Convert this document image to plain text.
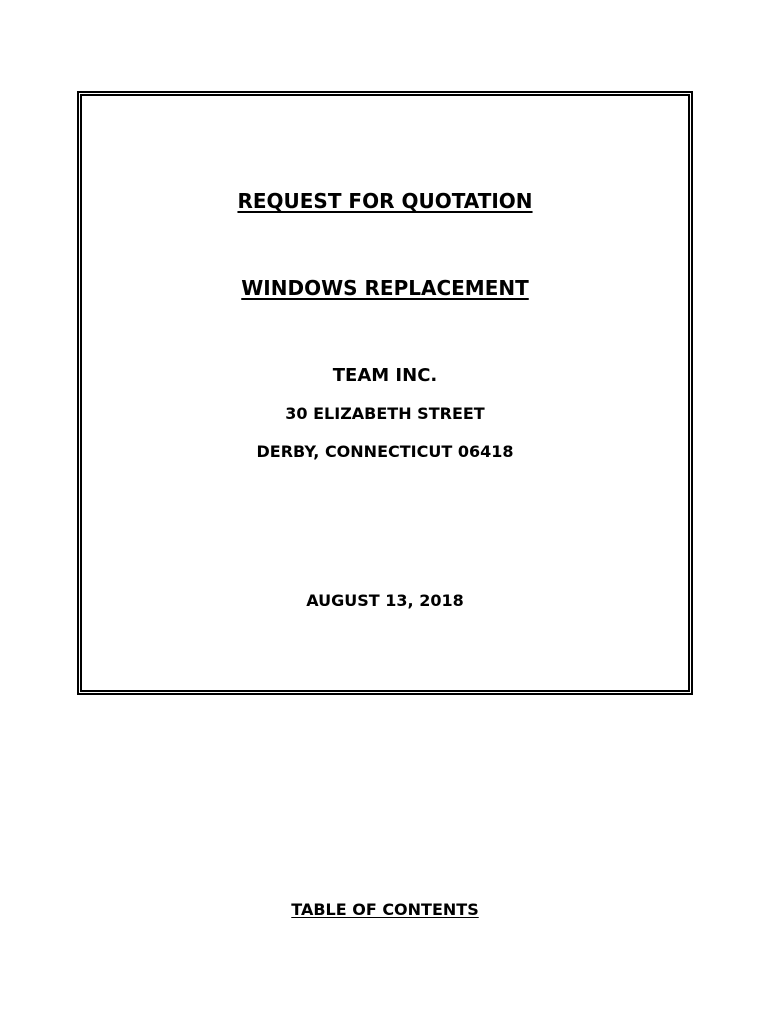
REQUEST FOR QUOTATION
WINDOWS REPLACEMENT
TEAM INC.
30 ELIZABETH STREET
DERBY, CONNECTICUT 06418
AUGUST 13, 2018
TABLE OF CONTENTS
